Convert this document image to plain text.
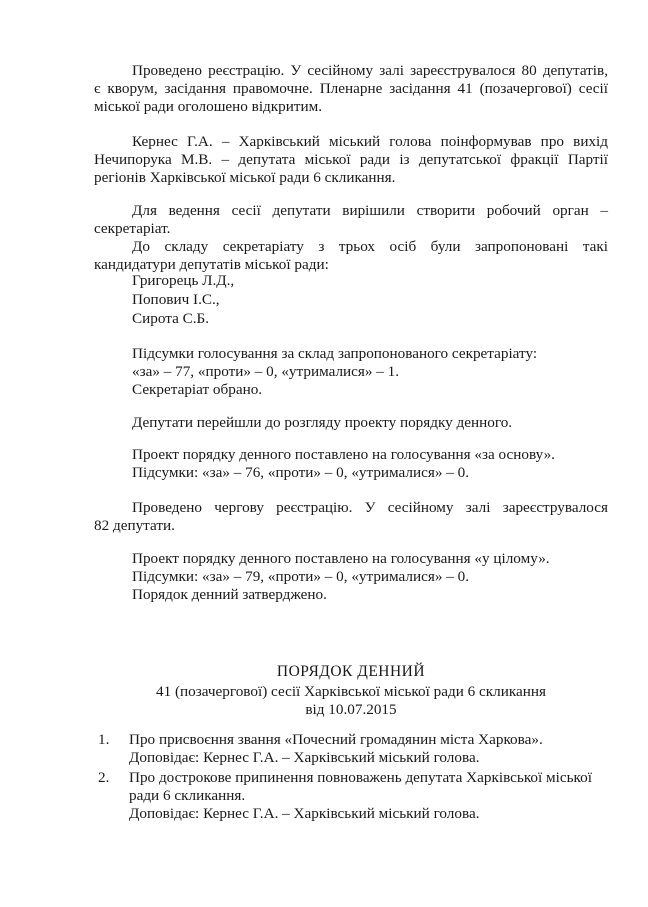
Проведено реєстрацію. У сесійному залі зареєструвалося 80 депутатів,
є кворум, засідання правомочне. Пленарне засідання 41 (позачергової) сесії
міської ради оголошено відкритим.
Кернес Г.А. – Харківський міський голова поінформував про вихід
Нечипорука М.В. – депутата міської ради із депутатської фракції Партії
регіонів Харківської міської ради 6 скликання.
Для ведення сесії депутати вирішили створити робочий орган –
секретаріат.
До складу секретаріату з трьох осіб були запропоновані такі
кандидатури депутатів міської ради:
Григорець Л.Д.,
Попович І.С.,
Сирота С.Б.
Підсумки голосування за склад запропонованого секретаріату:
«за» – 77, «проти» – 0, «утрималися» – 1.
Секретаріат обрано.
Депутати перейшли до розгляду проекту порядку денного.
Проект порядку денного поставлено на голосування «за основу».
Підсумки: «за» – 76, «проти» – 0, «утрималися» – 0.
Проведено чергову реєстрацію. У сесійному залі зареєструвалося
82 депутати.
Проект порядку денного поставлено на голосування «у цілому».
Підсумки: «за» – 79, «проти» – 0, «утрималися» – 0.
Порядок денний затверджено.
ПОРЯДОК ДЕННИЙ
41 (позачергової) сесії Харківської міської ради 6 скликання
від 10.07.2015
1. Про присвоєння звання «Почесний громадянин міста Харкова».
Доповідає: Кернес Г.А. – Харківський міський голова.
2. Про дострокове припинення повноважень депутата Харківської міської
ради 6 скликання.
Доповідає: Кернес Г.А. – Харківський міський голова.
